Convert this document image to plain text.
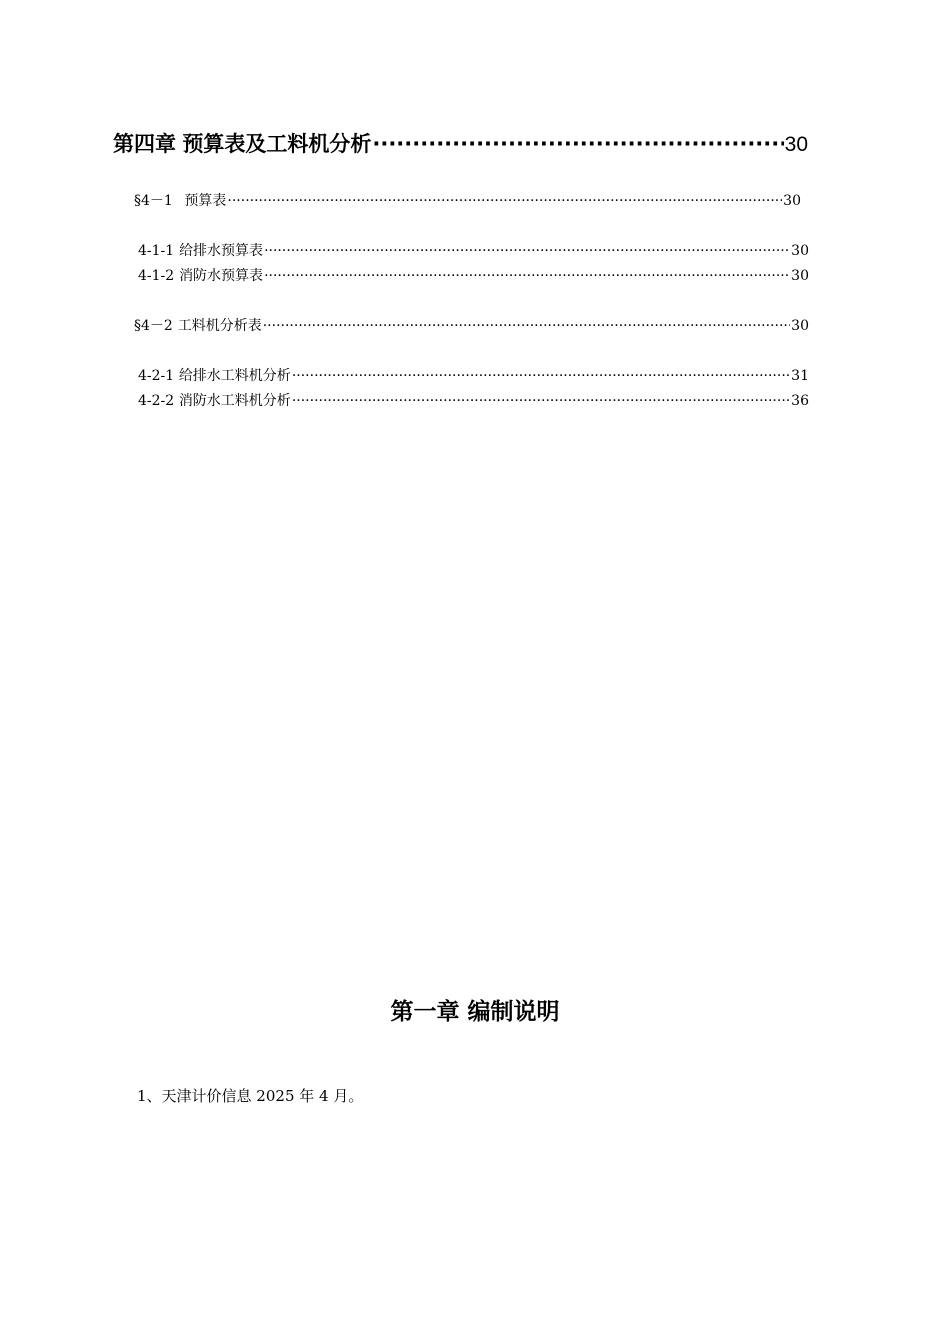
第四章 预算表及工料机分析 ·····	30
§4－1 预算表 ·····	30
4-1-1 给排水预算表 ·····	30
4-1-2 消防水预算表 ·····	30
§4－2 工料机分析表 ·····	30
4-2-1 给排水工料机分析 ·····	31
4-2-2 消防水工料机分析 ·····	36
第一章 编制说明
1、天津计价信息 2025 年 4 月。
